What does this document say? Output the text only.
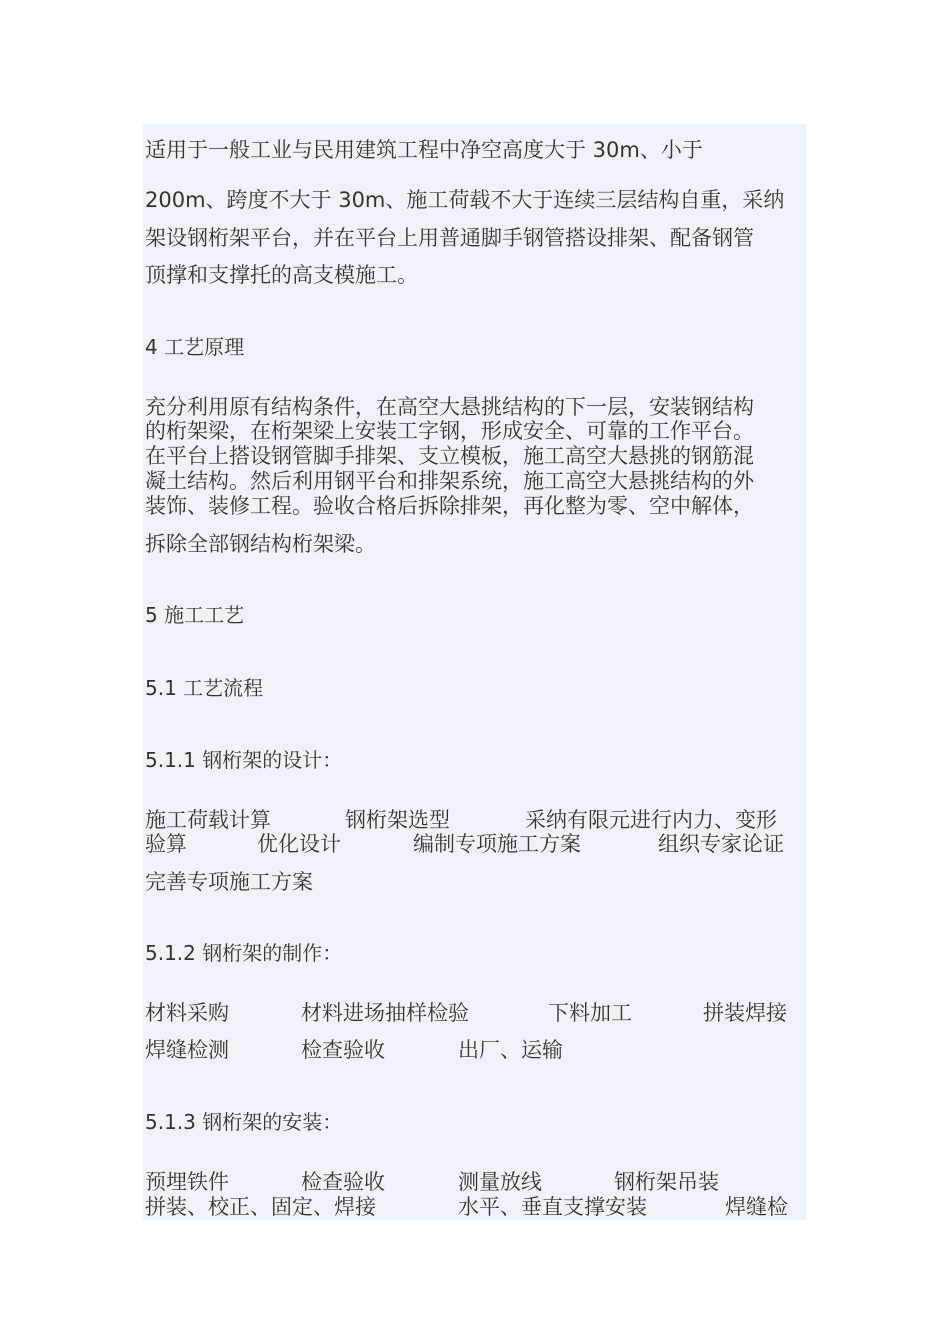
适用于一般工业与民用建筑工程中净空高度大于 30m、小于
200m、跨度不大于 30m、施工荷载不大于连续三层结构自重，采纳
架设钢桁架平台，并在平台上用普通脚手钢管搭设排架、配备钢管
顶撑和支撑托的高支模施工。
4 工艺原理
充分利用原有结构条件，在高空大悬挑结构的下一层，安装钢结构
的桁架梁，在桁架梁上安装工字钢，形成安全、可靠的工作平台。
在平台上搭设钢管脚手排架、支立模板，施工高空大悬挑的钢筋混
凝土结构。然后利用钢平台和排架系统，施工高空大悬挑结构的外
装饰、装修工程。验收合格后拆除排架，再化整为零、空中解体，
拆除全部钢结构桁架梁。
5 施工工艺
5.1 工艺流程
5.1.1 钢桁架的设计：
施工荷载计算	钢桁架选型	采纳有限元进行内力、变形
验算	优化设计	编制专项施工方案	组织专家论证
完善专项施工方案
5.1.2 钢桁架的制作：
材料采购	材料进场抽样检验	下料加工	拼装焊接
焊缝检测	检查验收	出厂、运输
5.1.3 钢桁架的安装：
预埋铁件	检查验收	测量放线	钢桁架吊装
拼装、校正、固定、焊接	水平、垂直支撑安装	焊缝检
